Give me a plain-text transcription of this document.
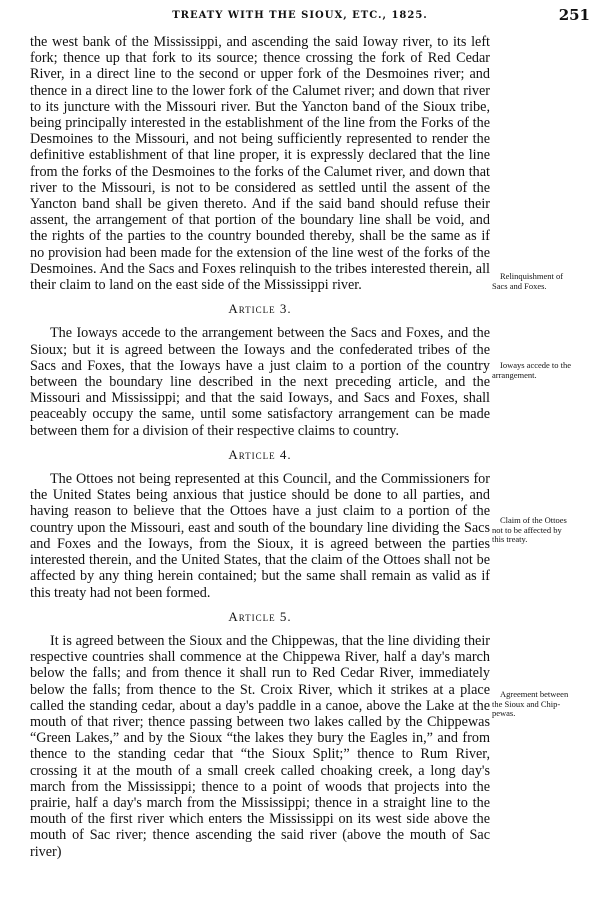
TREATY WITH THE SIOUX, ETC., 1825.	251

the west bank of the Mississippi, and ascending the said Ioway river, to its left fork; thence up that fork to its source; thence crossing the fork of Red Cedar River, in a direct line to the second or upper fork of the Desmoines river; and thence in a direct line to the lower fork of the Calumet river; and down that river to its juncture with the Missouri river. But the Yancton band of the Sioux tribe, being principally interested in the establishment of the line from the Forks of the Desmoines to the Missouri, and not being sufficiently represented to render the definitive establishment of that line proper, it is expressly declared that the line from the forks of the Desmoines to the forks of the Calumet river, and down that river to the Missouri, is not to be considered as settled until the assent of the Yancton band shall be given thereto. And if the said band should refuse their assent, the arrangement of that portion of the boundary line shall be void, and the rights of the parties to the country bounded thereby, shall be the same as if no provision had been made for the extension of the line west of the forks of the Desmoines. And the Sacs and Foxes relinquish to the tribes interested therein, all their claim to land on the east side of the Mississippi river.

Article 3.

The Ioways accede to the arrangement between the Sacs and Foxes, and the Sioux; but it is agreed between the Ioways and the confederated tribes of the Sacs and Foxes, that the Ioways have a just claim to a portion of the country between the boundary line described in the next preceding article, and the Missouri and Mississippi; and that the said Ioways, and Sacs and Foxes, shall peaceably occupy the same, until some satisfactory arrangement can be made between them for a division of their respective claims to country.

Article 4.

The Ottoes not being represented at this Council, and the Commissioners for the United States being anxious that justice should be done to all parties, and having reason to believe that the Ottoes have a just claim to a portion of the country upon the Missouri, east and south of the boundary line dividing the Sacs and Foxes and the Ioways, from the Sioux, it is agreed between the parties interested therein, and the United States, that the claim of the Ottoes shall not be affected by any thing herein contained; but the same shall remain as valid as if this treaty had not been formed.

Article 5.

It is agreed between the Sioux and the Chippewas, that the line dividing their respective countries shall commence at the Chippewa River, half a day's march below the falls; and from thence it shall run to Red Cedar River, immediately below the falls; from thence to the St. Croix River, which it strikes at a place called the standing cedar, about a day's paddle in a canoe, above the Lake at the mouth of that river; thence passing between two lakes called by the Chippewas “Green Lakes,” and by the Sioux “the lakes they bury the Eagles in,” and from thence to the standing cedar that “the Sioux Split;” thence to Rum River, crossing it at the mouth of a small creek called choaking creek, a long day's march from the Mississippi; thence to a point of woods that projects into the prairie, half a day's march from the Mississippi; thence in a straight line to the mouth of the first river which enters the Mississippi on its west side above the mouth of Sac river; thence ascending the said river (above the mouth of Sac river)

Relinquishment of
Sacs and Foxes.
Ioways accede to the
arrangement.
Claim of the Ottoes
not to be affected by
this treaty.
Agreement between
the Sioux and Chip-
pewas.
